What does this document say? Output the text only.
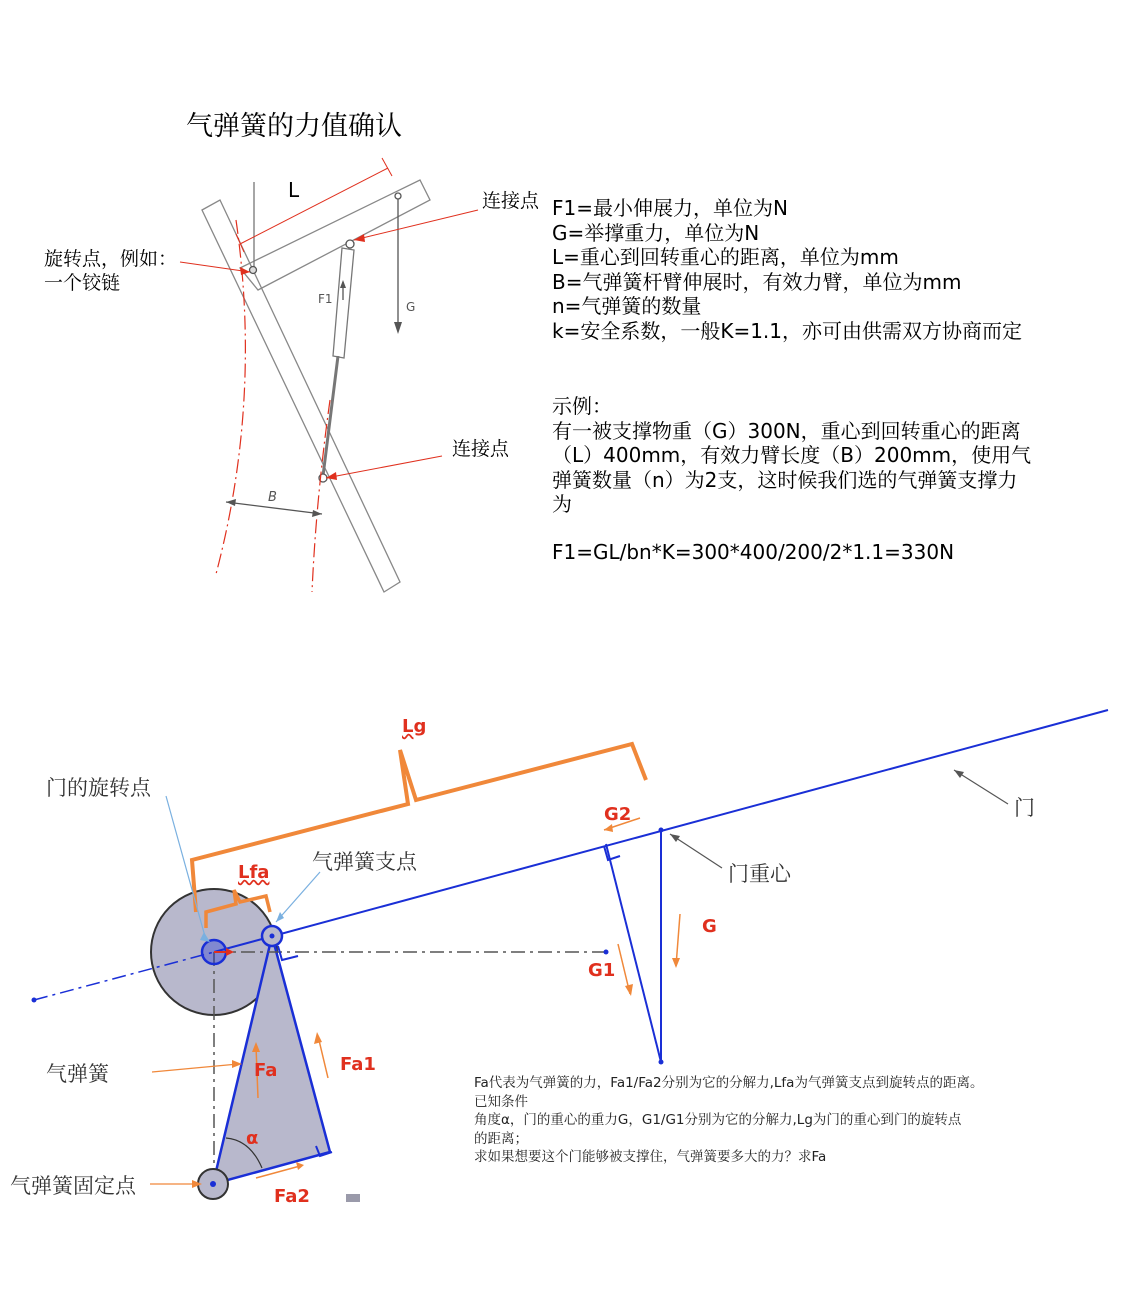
气弹簧的力值确认
L	连接点
连接点
旋转点，例如：
一个铰链
F1
G
B
F1=最小伸展力，单位为N
G=举撑重力，单位为N
L=重心到回转重心的距离，单位为mm
B=气弹簧杆臂伸展时，有效力臂，单位为mm
n=气弹簧的数量
k=安全系数，一般K=1.1，亦可由供需双方协商而定
示例：
有一被支撑物重（G）300N，重心到回转重心的距离
（L）400mm，有效力臂长度（B）200mm，使用气
弹簧数量（n）为2支，这时候我们选的气弹簧支撑力
为
F1=GL/bn*K=300*400/200/2*1.1=330N
Lg
门的旋转点
Lfa 气弹簧支点
G2	门
门重心
G
G1
气弹簧	Fa	Fa1
α
气弹簧固定点	Fa2
Fa代表为气弹簧的力，Fa1/Fa2分别为它的分解力,Lfa为气弹簧支点到旋转点的距离。
已知条件
角度α，门的重心的重力G，G1/G1分别为它的分解力,Lg为门的重心到门的旋转点
的距离；
求如果想要这个门能够被支撑住，气弹簧要多大的力？求Fa
